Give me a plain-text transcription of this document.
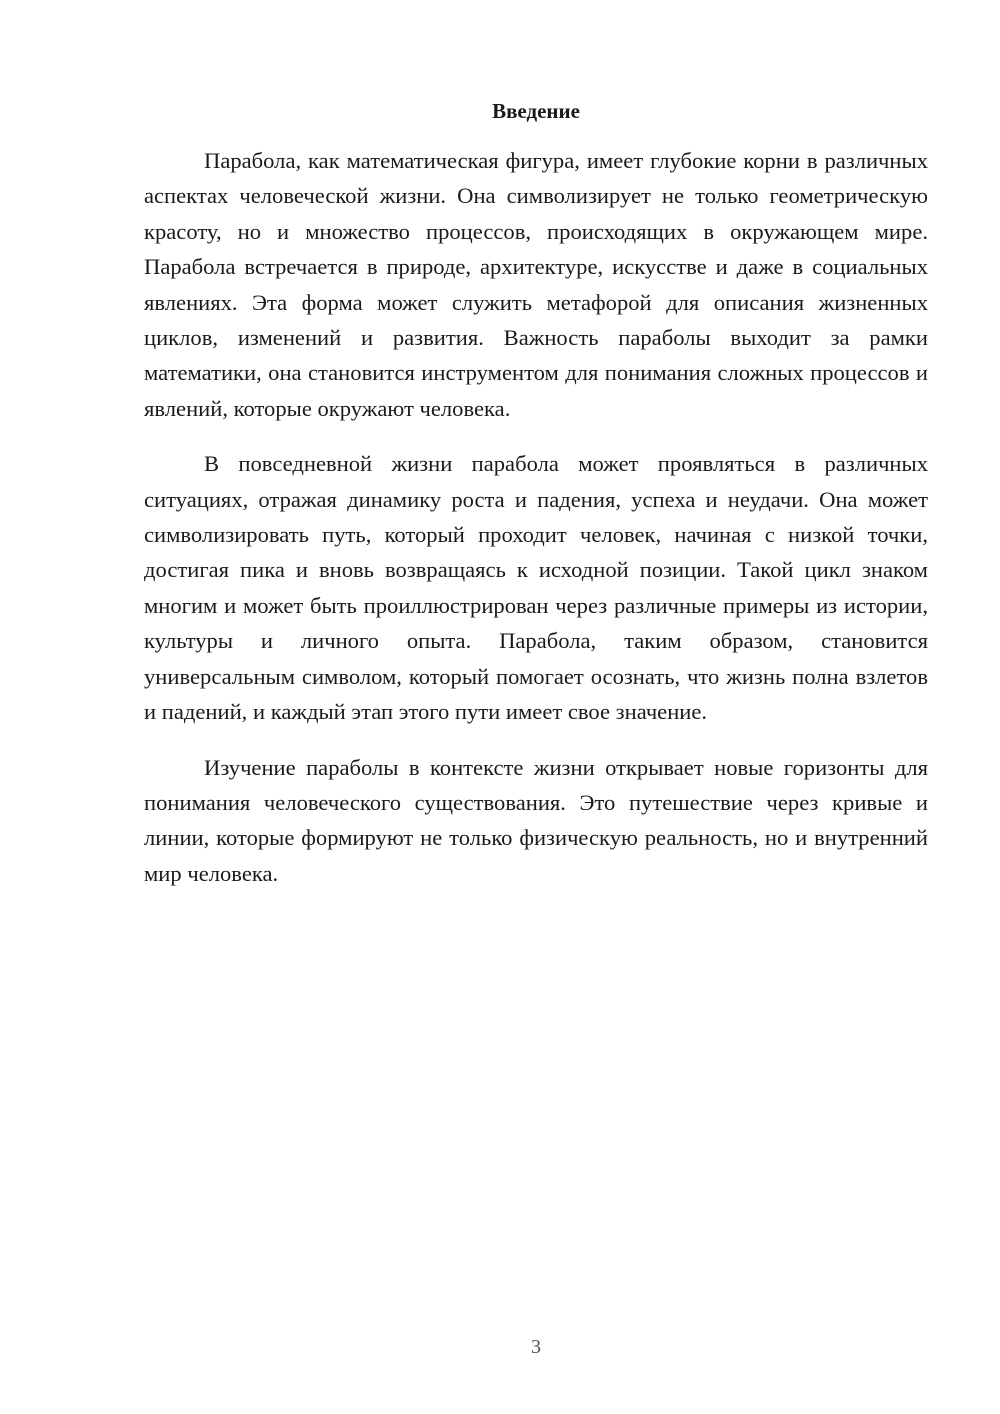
Введение

Парабола, как математическая фигура, имеет глубокие корни в различных аспектах человеческой жизни. Она символизирует не только геометрическую красоту, но и множество процессов, происходящих в окружающем мире. Парабола встречается в природе, архитектуре, искусстве и даже в социальных явлениях. Эта форма может служить метафорой для описания жизненных циклов, изменений и развития. Важность параболы выходит за рамки математики, она становится инструментом для понимания сложных процессов и явлений, которые окружают человека.

В повседневной жизни парабола может проявляться в различных ситуациях, отражая динамику роста и падения, успеха и неудачи. Она может символизировать путь, который проходит человек, начиная с низкой точки, достигая пика и вновь возвращаясь к исходной позиции. Такой цикл знаком многим и может быть проиллюстрирован через различные примеры из истории, культуры и личного опыта. Парабола, таким образом, становится универсальным символом, который помогает осознать, что жизнь полна взлетов и падений, и каждый этап этого пути имеет свое значение.

Изучение параболы в контексте жизни открывает новые горизонты для понимания человеческого существования. Это путешествие через кривые и линии, которые формируют не только физическую реальность, но и внутренний мир человека.

3
